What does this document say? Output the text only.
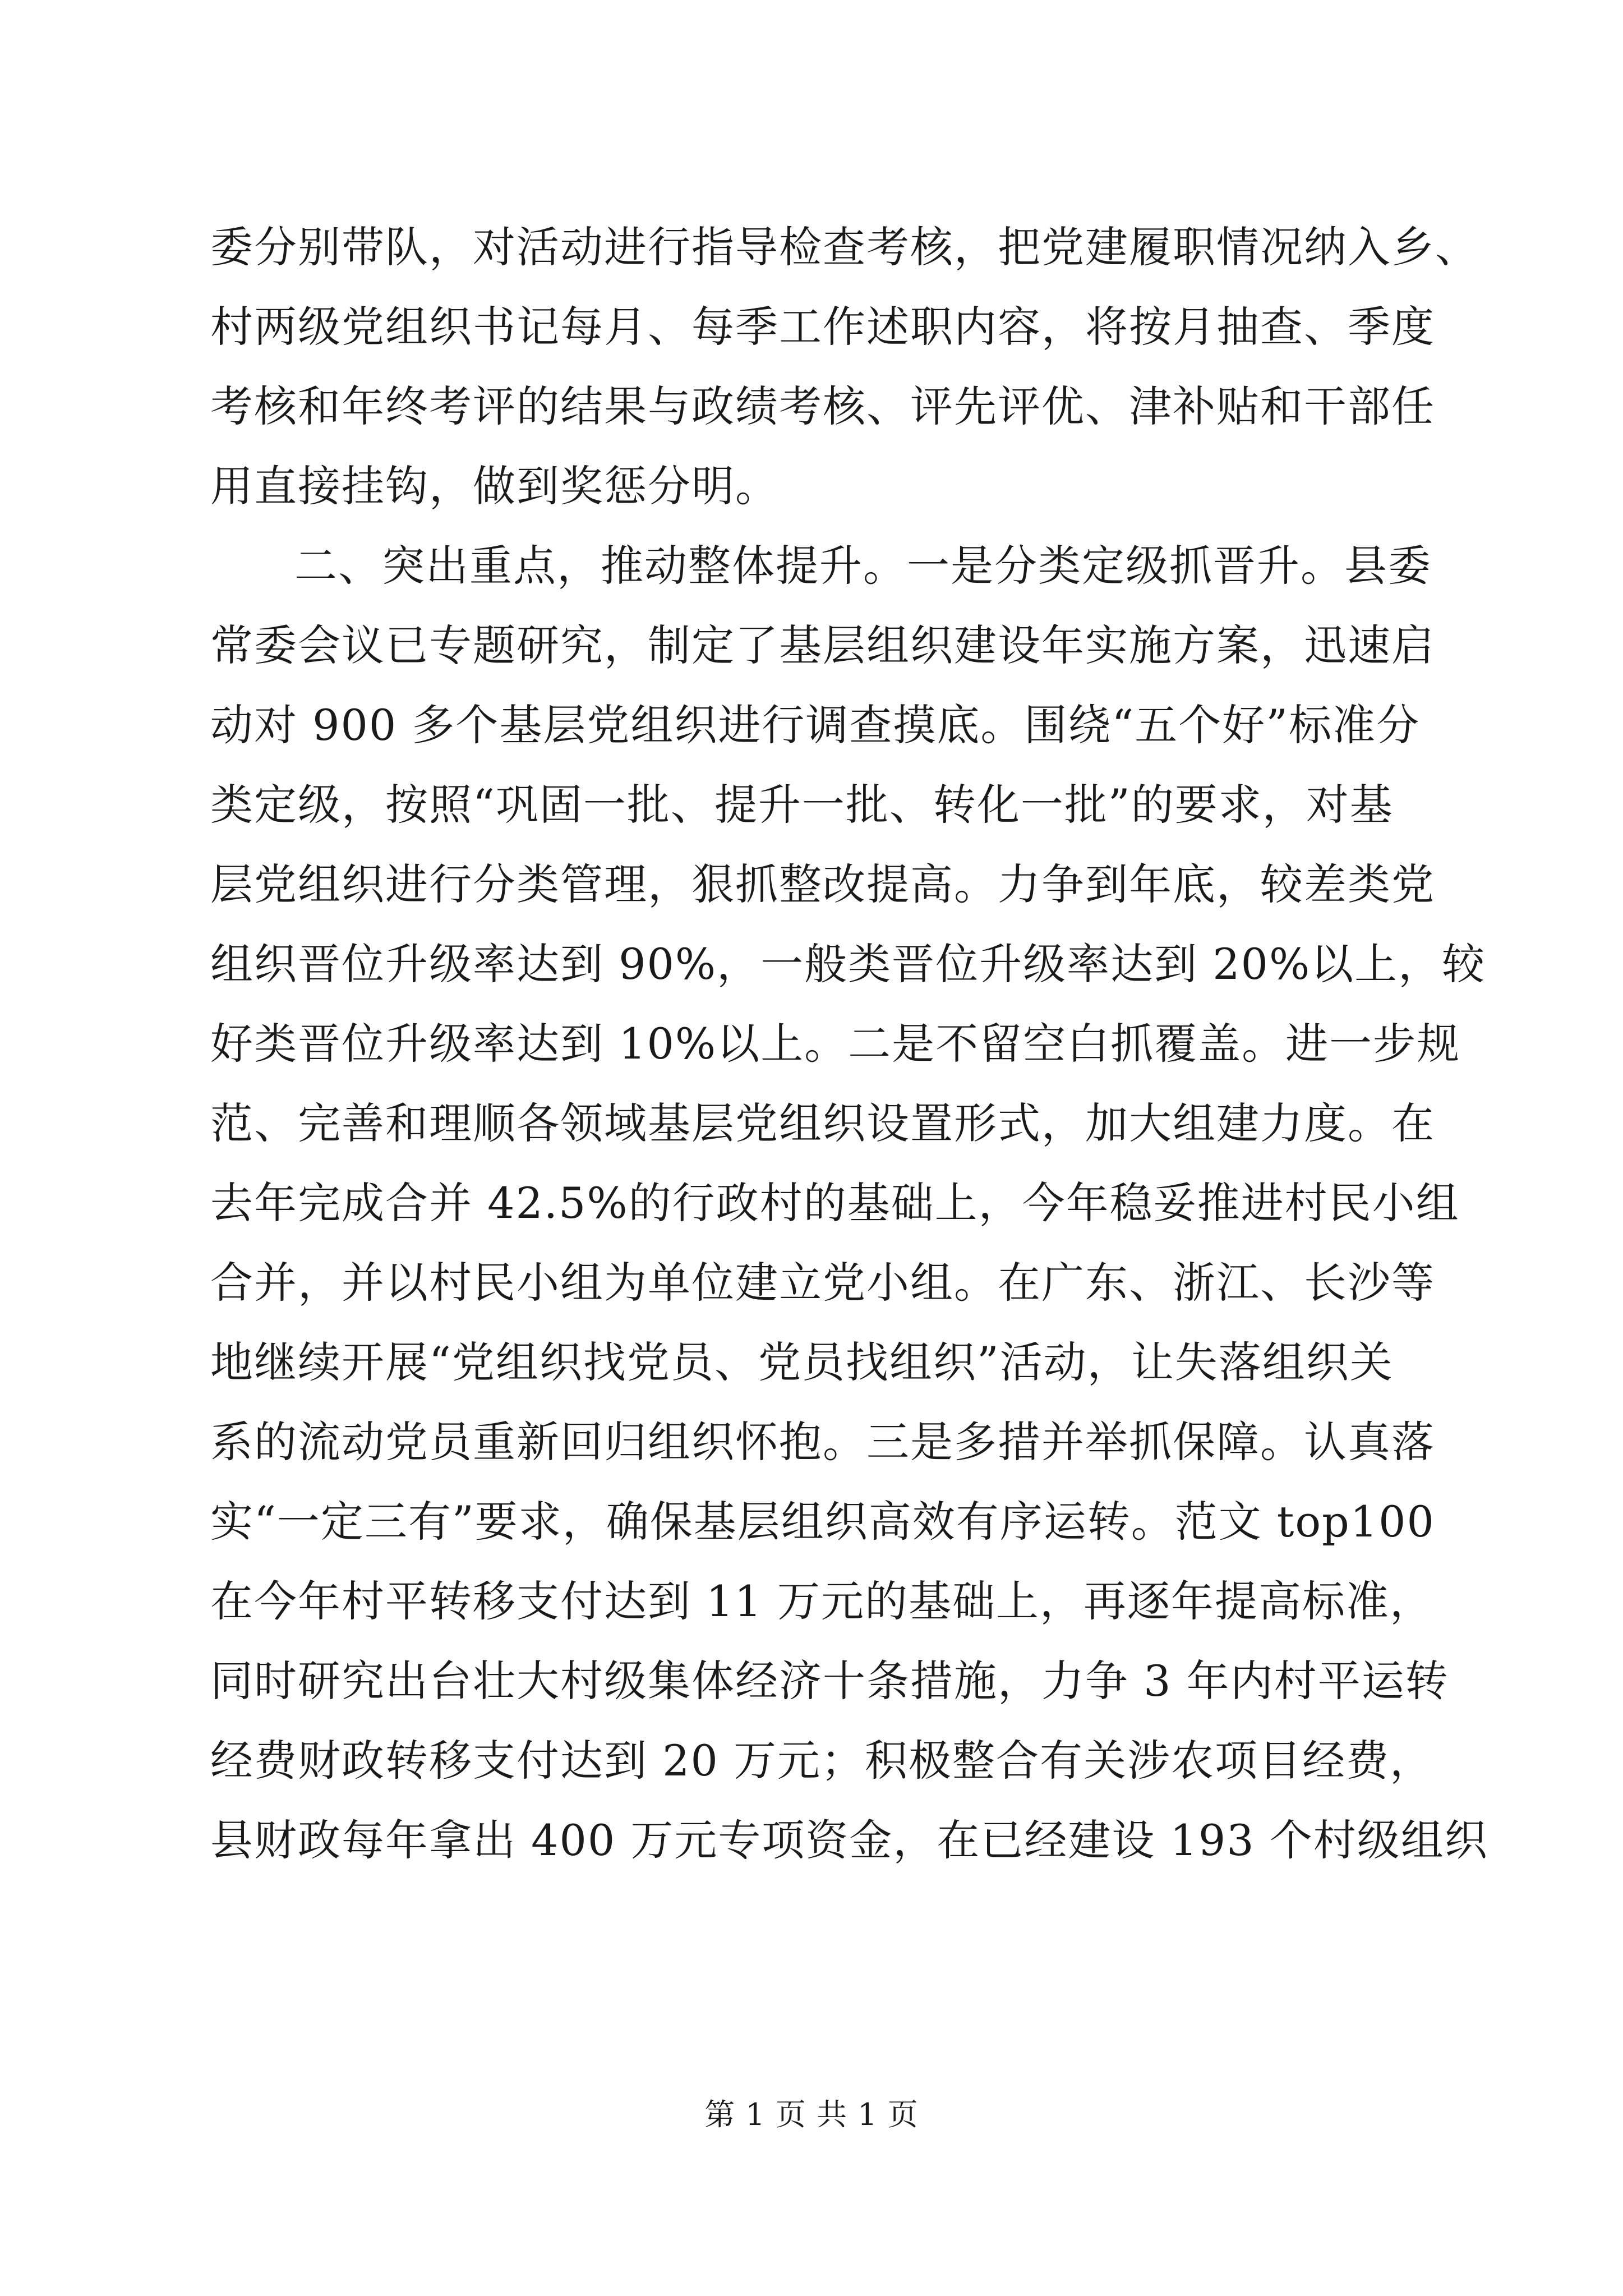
委分别带队，对活动进行指导检查考核，把党建履职情况纳入乡、
村两级党组织书记每月、每季工作述职内容，将按月抽查、季度
考核和年终考评的结果与政绩考核、评先评优、津补贴和干部任
用直接挂钩，做到奖惩分明。
二、突出重点，推动整体提升。一是分类定级抓晋升。县委
常委会议已专题研究，制定了基层组织建设年实施方案，迅速启
动对 900 多个基层党组织进行调查摸底。围绕“五个好”标准分
类定级，按照“巩固一批、提升一批、转化一批”的要求，对基
层党组织进行分类管理，狠抓整改提高。力争到年底，较差类党
组织晋位升级率达到 90%，一般类晋位升级率达到 20%以上，较
好类晋位升级率达到 10%以上。二是不留空白抓覆盖。进一步规
范、完善和理顺各领域基层党组织设置形式，加大组建力度。在
去年完成合并 42.5%的行政村的基础上，今年稳妥推进村民小组
合并，并以村民小组为单位建立党小组。在广东、浙江、长沙等
地继续开展“党组织找党员、党员找组织”活动，让失落组织关
系的流动党员重新回归组织怀抱。三是多措并举抓保障。认真落
实“一定三有”要求，确保基层组织高效有序运转。范文 top100
在今年村平转移支付达到 11 万元的基础上，再逐年提高标准，
同时研究出台壮大村级集体经济十条措施，力争 3 年内村平运转
经费财政转移支付达到 20 万元；积极整合有关涉农项目经费，
县财政每年拿出 400 万元专项资金，在已经建设 193 个村级组织
第 1 页 共 1 页
